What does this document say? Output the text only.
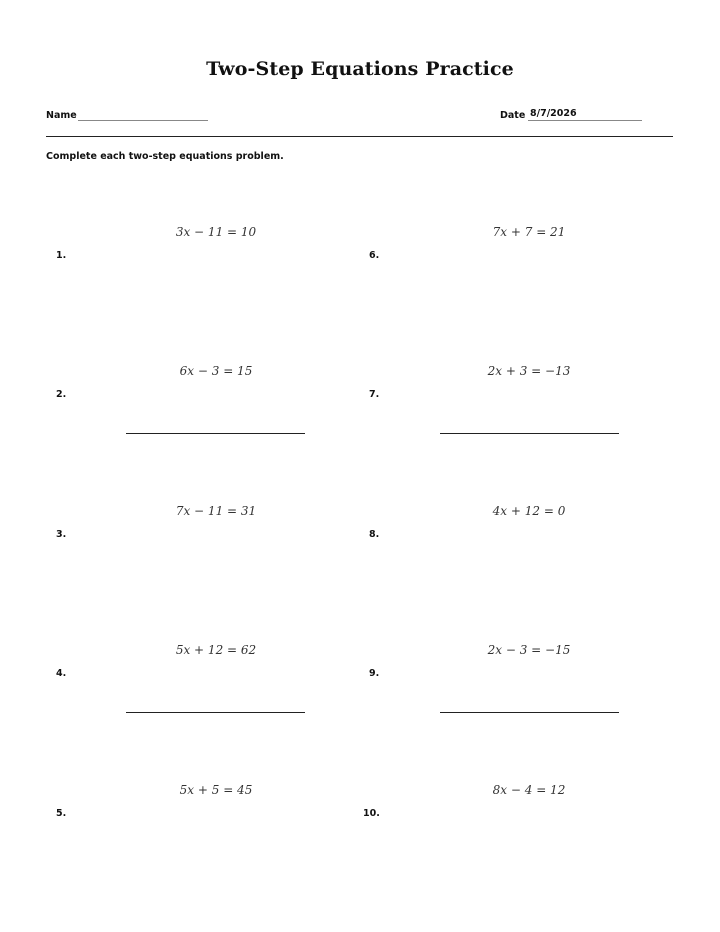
Two-Step Equations Practice
Name	Date 8/7/2026
Complete each two-step equations problem.
3x − 11 = 10
1.
6x − 3 = 15
2.
7x − 11 = 31
3.
5x + 12 = 62
4.
5x + 5 = 45
5.
7x + 7 = 21
6.
2x + 3 = −13
7.
4x + 12 = 0
8.
2x − 3 = −15
9.
8x − 4 = 12
10.
